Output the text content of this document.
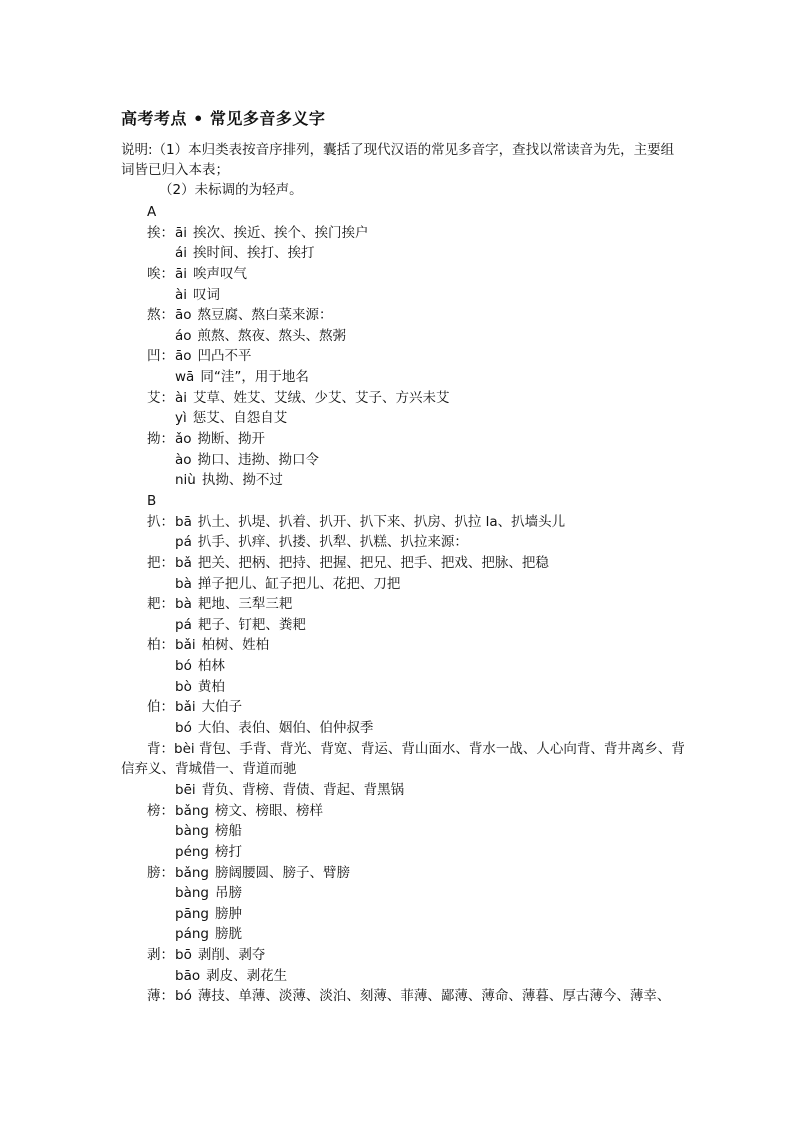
高考考点 • 常见多音多义字

说明:（1）本归类表按音序排列，囊括了现代汉语的常见多音字，查找以常读音为先，主要组词皆已归入本表；

（2）未标调的为轻声。

A
挨： āi 挨次、挨近、挨个、挨门挨户
ái 挨时间、挨打、挨打
唉： āi 唉声叹气
ài 叹词
熬： āo 熬豆腐、熬白菜来源：
áo 煎熬、熬夜、熬头、熬粥
凹： āo 凹凸不平
wā 同“洼”，用于地名
艾： ài 艾草、姓艾、艾绒、少艾、艾子、方兴未艾
yì 惩艾、自怨自艾
拗： ǎo 拗断、拗开
ào 拗口、违拗、拗口令
niù 执拗、拗不过
B
扒： bā 扒土、扒堤、扒着、扒开、扒下来、扒房、扒拉 la、扒墙头儿
pá 扒手、扒痒、扒搂、扒犁、扒糕、扒拉来源：
把： bǎ 把关、把柄、把持、把握、把兄、把手、把戏、把脉、把稳
bà 掸子把儿、缸子把儿、花把、刀把
耙： bà 耙地、三犁三耙
pá 耙子、钉耙、粪耙
柏： bǎi 柏树、姓柏
bó 柏林
bò 黄柏
伯： bǎi 大伯子
bó 大伯、表伯、姻伯、伯仲叔季
背：bèi 背包、手背、背光、背宽、背运、背山面水、背水一战、人心向背、背井离乡、背信弃义、背城借一、背道而驰
bēi 背负、背榜、背债、背起、背黑锅
榜： bǎng 榜文、榜眼、榜样
bàng 榜船
péng 榜打
膀： bǎng 膀阔腰圆、膀子、臂膀
bàng 吊膀
pāng 膀肿
páng 膀胱
剥： bō 剥削、剥夺
bāo 剥皮、剥花生
薄： bó 薄技、单薄、淡薄、淡泊、刻薄、菲薄、鄙薄、薄命、薄暮、厚古薄今、薄幸、
